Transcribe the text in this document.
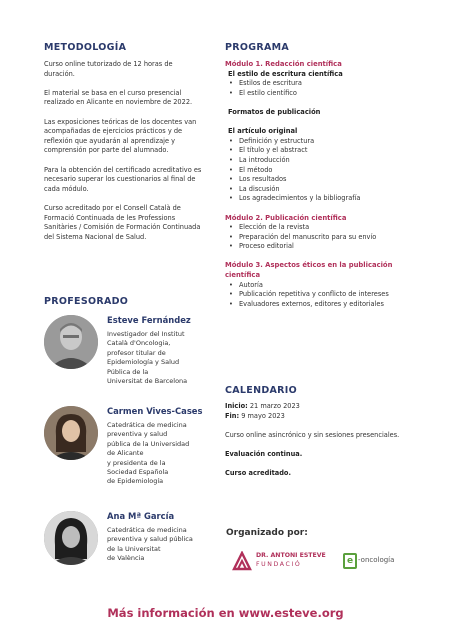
METODOLOGÍA

Curso online tutorizado de 12 horas de duración.

El material se basa en el curso presencial realizado en Alicante en noviembre de 2022.

Las exposiciones teóricas de los docentes van acompañadas de ejercicios prácticos y de reflexión que ayudarán al aprendizaje y comprensión por parte del alumnado.

Para la obtención del certificado acreditativo es necesario superar los cuestionarios al final de cada módulo.

Curso acreditado por el Consell Català de Formació Continuada de les Professions Sanitàries / Comisión de Formación Continuada del Sistema Nacional de Salud.

PROFESORADO
Esteve Fernández
Investigador del Institut
Català d'Oncologia,
profesor titular de
Epidemiología y Salud
Pública de la
Universitat de Barcelona
Carmen Vives-Cases
Catedrática de medicina
preventiva y salud
pública de la Universidad
de Alicante
y presidenta de la
Sociedad Española
de Epidemiología
Ana Mª García
Catedrática de medicina
preventiva y salud pública
de la Universitat
de València
PROGRAMA
Módulo 1. Redacción científica
El estilo de escritura científica
• Estilos de escritura
• El estilo científico
Formatos de publicación
El artículo original
• Definición y estructura
• El título y el abstract
• La introducción
• El método
• Los resultados
• La discusión
• Los agradecimientos y la bibliografía
Módulo 2. Publicación científica
• Elección de la revista
• Preparación del manuscrito para su envío
• Proceso editorial
Módulo 3. Aspectos éticos en la publicación científica
• Autoría
• Publicación repetitiva y conflicto de intereses
• Evaluadores externos, editores y editoriales
CALENDARIO
Inicio: 21 marzo 2023
Fin: 9 mayo 2023
Curso online asincrónico y sin sesiones presenciales.
Evaluación continua.
Curso acreditado.
Organizado por:
DR. ANTONI ESTEVE
FUNDACIÓ	e -oncología
Más información en www.esteve.org
